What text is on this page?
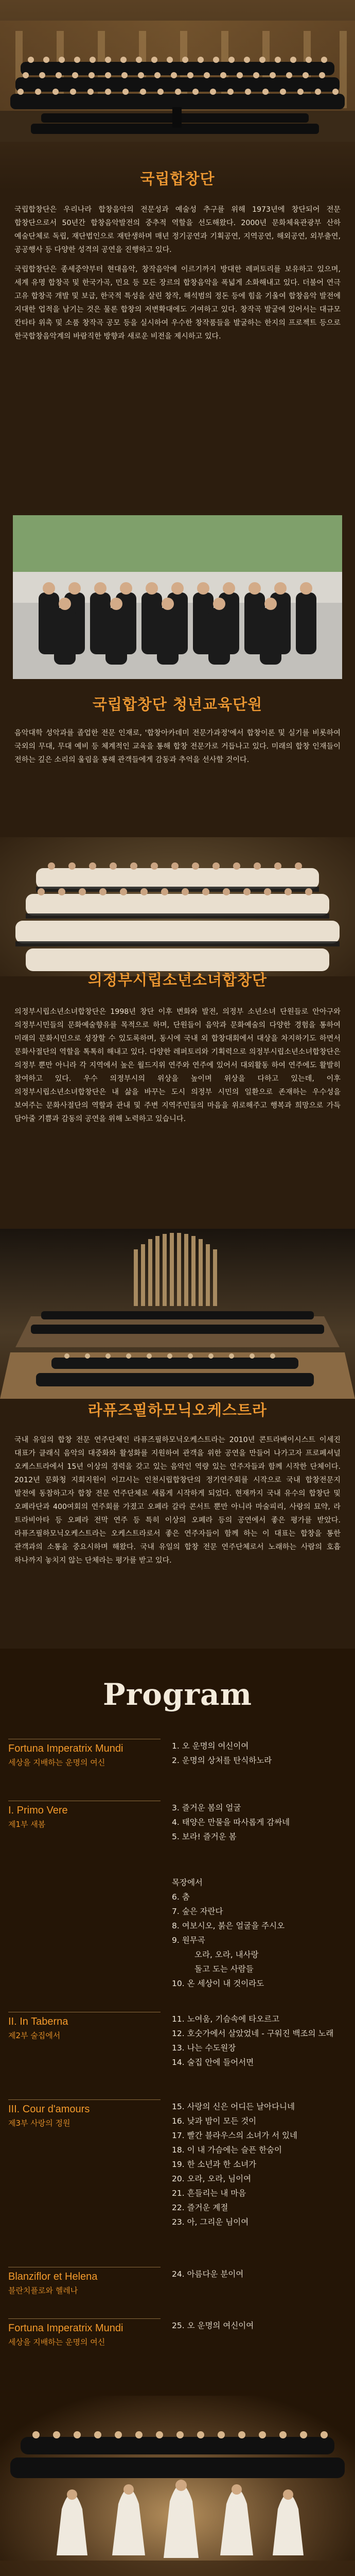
국립합창단

국립합창단은 우리나라 합창음악의 전문성과 예술성 추구를 위해 1973년에 창단되어 전문 합창단으로서 50년간 합창음악발전의 중추적 역할을 선도해왔다. 2000년 문화체육관광부 산하 예술단체로 독립, 재단법인으로 재탄생하며 매년 정기공연과 기획공연, 지역공연, 해외공연, 외부출연, 공공행사 등 다양한 성격의 공연을 진행하고 있다.

국립합창단은 종세중약부터 현대음악, 창작음악에 이르기까지 방대한 레퍼토리를 보유하고 있으며, 세계 유명 합창곡 및 한국가곡, 민요 등 모든 장르의 합창음악을 폭넓게 소화해내고 있다. 더불어 연극 고유 합창곡 개발 및 보급, 한국적 특성을 살린 창작, 해석범의 정돈 등에 힘을 기울여 합창음악 발전에 지대한 업적을 남기는 것은 물론 합창의 저변확대에도 기여하고 있다. 창작곡 발굴에 있어서는 대규모 칸타타 위촉 및 소품 창작곡 공모 등을 실시하여 우수한 창작품들을 발굴하는 한지의 프로젝트 등으로 한국합창음악계의 바람직한 방향과 새로운 비전을 제시하고 있다.

국립합창단 청년교육단원

음악대학 성악과를 졸업한 전문 인재로, '합창아카데미 전문가과정'에서 합창이론 및 실기를 비롯하여 국외의 무대, 무대 예비 등 체계적인 교육을 통해 합창 전문가로 거듭나고 있다. 미래의 합창 인재들이 전하는 깊은 소리의 울림을 통해 관객들에게 감동과 추억을 선사할 것이다.

의정부시립소년소녀합창단

의정부시립소년소녀합창단은 1998년 창단 이후 변화와 발전, 의정부 소년소녀 단원들로 안아구와 의정부시민들의 문화예술향유를 목적으로 하며, 단원들이 음악과 문화예술의 다양한 경험을 통하여 미래의 문화시민으로 성장할 수 있도록하며, 동시에 국내 외 합창대회에서 대상을 차지하기도 하면서 문화사절단의 역할을 톡톡히 해내고 있다. 다양한 레퍼토리와 기획력으로 의정부시립소년소녀합창단은 의정부 뿐만 아니라 각 지역에서 높은 월드지위 연주와 연주에 있어서 대외활동 하여 연주에도 활발히 참여하고 있다. 우수 의정부시의 위상을 높이며 위상을 다하고 있는데, 이후 의정부시립소년소녀합창단은 내 삶을 바꾸는 도시 의정부 시민의 일환으로 존재하는 우수성을 보여주는 문화사절단의 역할과 관내 및 주변 지역주민들의 마음을 위로해주고 행복과 희망으로 가득 담아줄 기쁨과 감동의 공연을 위해 노력하고 있습니다.

라퓨즈필하모닉오케스트라

국내 유일의 합창 전문 연주단체인 라퓨즈필하모닉오케스트라는 2010년 콘트라베이시스트 이세진 대표가 클래식 음악의 대중화와 활성화를 지원하여 관객을 위한 공연을 만들어 나가고자 프로페셔널 오케스트라에서 15년 이상의 경력을 갖고 있는 음악인 역량 있는 연주자들과 함께 시작한 단체이다. 2012년 문화청 지회지원이 이끄시는 인천시립합창단의 정기연주회를 시작으로 국내 합창전문지 발전에 동참하고자 합창 전문 연주단체로 새롭게 시작하게 되었다. 현재까지 국내 유수의 합창단 및 오페라단과 400여회의 연주회를 가졌고 오페라 갈라 콘서트 뿐만 아니라 마술피리, 사랑의 묘약, 라 트라비아타 등 오페라 전막 연주 등 특히 이상의 오페라 등의 공연에서 좋은 평가를 받았다. 라퓨즈필하모닉오케스트라는 오케스트라로서 좋은 연주자들이 함께 하는 이 대표는 합창을 통한 관객과의 소통을 중요시하며 해왔다. 국내 유일의 합창 전문 연주단체로서 노래하는 사람의 호흡 하나까지 놓치지 않는 단체라는 평가를 받고 있다.

Program
Fortuna Imperatrix Mundi
세상을 지배하는 운명의 여신
1. 오 운명의 여신이여
2. 운명의 상처를 탄식하노라
I. Primo Vere
제1부 새봄
3. 즐거운 봄의 얼굴
4. 태양은 만물을 따사롭게 감싸네
5. 보라! 즐거운 봄
목장에서
6. 춤
7. 숲은 자란다
8. 여보시오, 붉은 얼굴을 주시오
9. 원무곡
오라, 오라, 내사랑
돌고 도는 사람들
10. 온 세상이 내 것이라도
II. In Taberna
제2부 술집에서
11. 노여움, 기슴속에 타오르고
12. 호숫가에서 살았었네 - 구워진 백조의 노래
13. 나는 수도원장
14. 술집 안에 들어서면
III. Cour d'amours
제3부 사랑의 정원
15. 사랑의 신은 어디든 날아다니네
16. 낮과 밤이 모든 것이
17. 빨간 블라우스의 소녀가 서 있네
18. 이 내 가슴에는 슬픈 한숨이
19. 한 소년과 한 소녀가
20. 오라, 오라, 님이여
21. 흔들리는 내 마음
22. 즐거운 계절
23. 아, 그리운 님이여
Blanziflor et Helena
블란치플로와 헬레나
24. 아름다운 분이여
Fortuna Imperatrix Mundi
세상을 지배하는 운명의 여신
25. 오 운명의 여신이여
